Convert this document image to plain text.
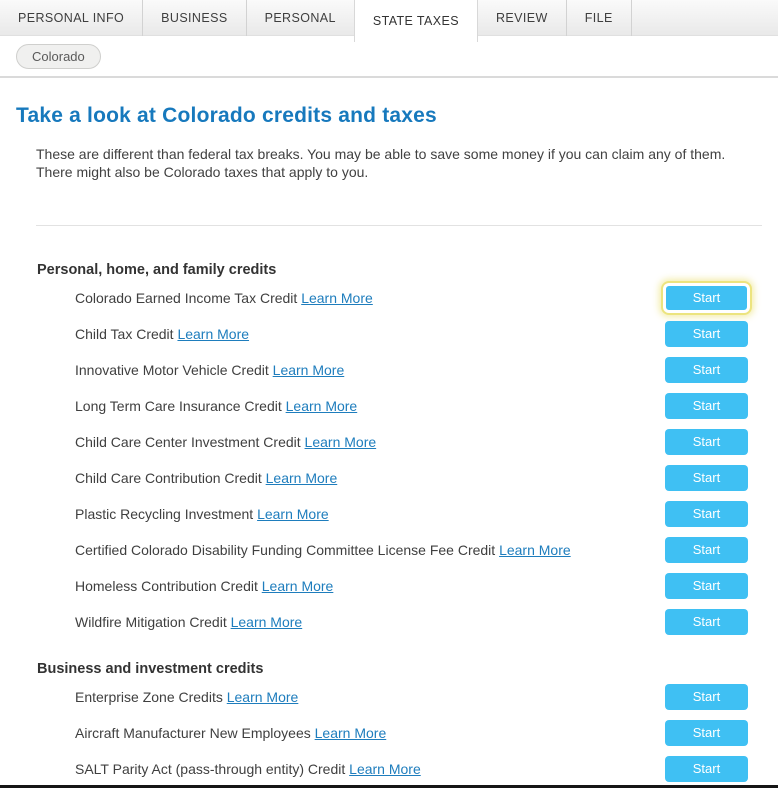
PERSONAL INFO	BUSINESS	PERSONAL	STATE TAXES	REVIEW	FILE
Colorado
Take a look at Colorado credits and taxes

These are different than federal tax breaks. You may be able to save some money if you can claim any of them. There might also be Colorado taxes that apply to you.

Personal, home, and family credits
Colorado Earned Income Tax Credit Learn More	Start
Child Tax Credit Learn More	Start
Innovative Motor Vehicle Credit Learn More	Start
Long Term Care Insurance Credit Learn More	Start
Child Care Center Investment Credit Learn More	Start
Child Care Contribution Credit Learn More	Start
Plastic Recycling Investment Learn More	Start
Certified Colorado Disability Funding Committee License Fee Credit Learn More	Start
Homeless Contribution Credit Learn More	Start
Wildfire Mitigation Credit Learn More	Start
Business and investment credits
Enterprise Zone Credits Learn More	Start
Aircraft Manufacturer New Employees Learn More	Start
SALT Parity Act (pass-through entity) Credit Learn More	Start
